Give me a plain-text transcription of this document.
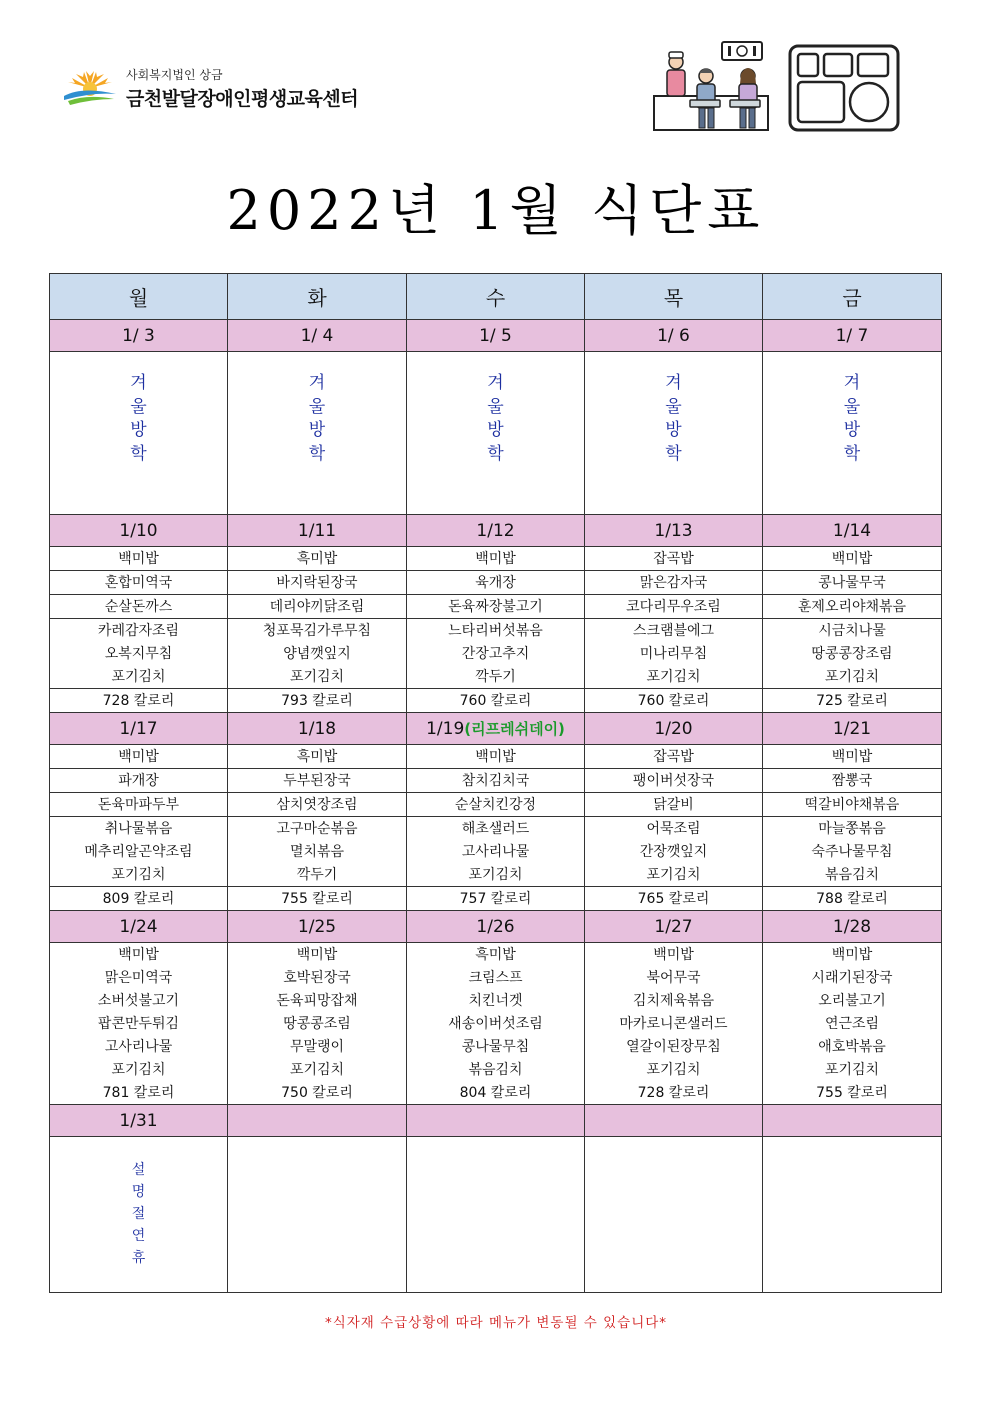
사회복지법인 상금
금천발달장애인평생교육센터
2022년 1월 식단표
월	화	수	목	금
1/ 3	1/ 4	1/ 5	1/ 6	1/ 7

겨
울
방
학	겨
울
방
학	겨
울
방
학	겨
울
방
학	겨
울
방
학

1/10	1/11	1/12	1/13	1/14
백미밥	흑미밥	백미밥	잡곡밥	백미밥
혼합미역국	바지락된장국	육개장	맑은감자국	콩나물무국
순살돈까스	데리야끼닭조림	돈육짜장불고기	코다리무우조림	훈제오리야채볶음
카레감자조림	청포묵김가루무침	느타리버섯볶음	스크램블에그	시금치나물
오복지무침	양념깻잎지	간장고추지	미나리무침	땅콩콩장조림
포기김치	포기김치	깍두기	포기김치	포기김치
728 칼로리	793 칼로리	760 칼로리	760 칼로리	725 칼로리
1/17	1/18	1/19(리프레쉬데이)	1/20	1/21
백미밥	흑미밥	백미밥	잡곡밥	백미밥
파개장	두부된장국	참치김치국	팽이버섯장국	짬뽕국
돈육마파두부	삼치엿장조림	순살치킨강정	닭갈비	떡갈비야채볶음
취나물볶음	고구마순볶음	해초샐러드	어묵조림	마늘쫑볶음
메추리알곤약조림	멸치볶음	고사리나물	간장깻잎지	숙주나물무침
포기김치	깍두기	포기김치	포기김치	볶음김치
809 칼로리	755 칼로리	757 칼로리	765 칼로리	788 칼로리
1/24	1/25	1/26	1/27	1/28
백미밥	백미밥	흑미밥	백미밥	백미밥
맑은미역국	호박된장국	크림스프	북어무국	시래기된장국
소버섯불고기	돈육피망잡채	치킨너겟	김치제육볶음	오리불고기
팝콘만두튀김	땅콩콩조림	새송이버섯조림	마카로니콘샐러드	연근조림
고사리나물	무말랭이	콩나물무침	열갈이된장무침	애호박볶음
포기김치	포기김치	볶음김치	포기김치	포기김치
781 칼로리	750 칼로리	804 칼로리	728 칼로리	755 칼로리
1/31				

설
명
절
연
휴				

*식자재 수급상황에 따라 메뉴가 변동될 수 있습니다*
